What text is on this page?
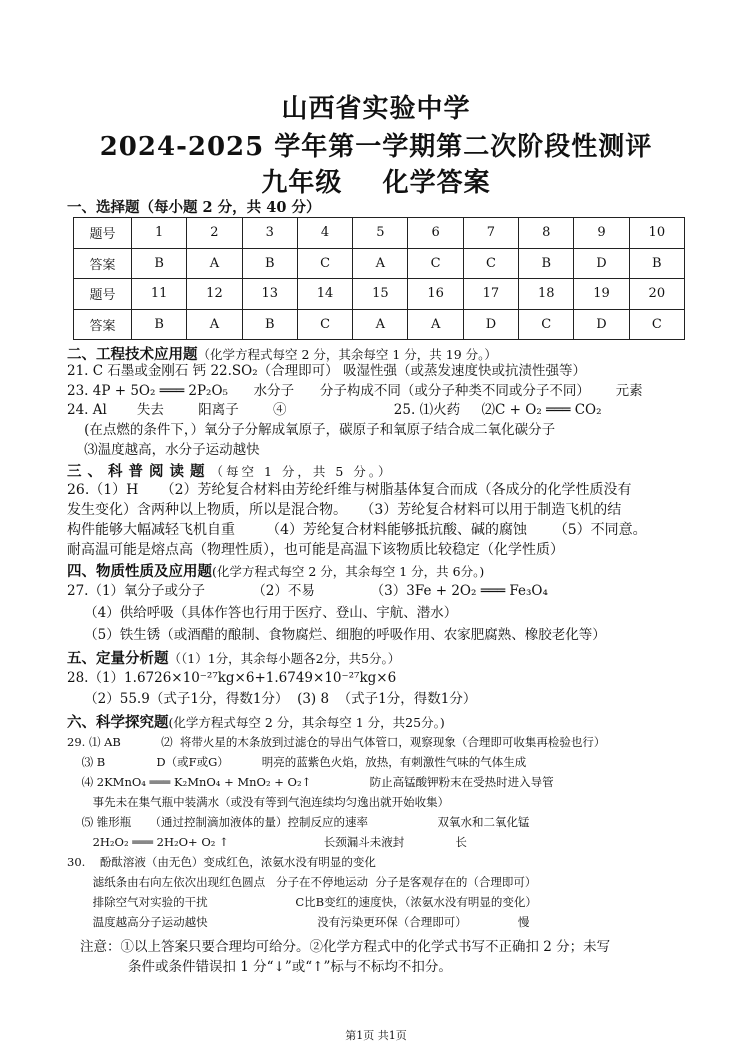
山西省实验中学
2024-2025 学年第一学期第二次阶段性测评
九年级    化学答案
一、选择题（每小题 2 分，共 40 分）
题号	1	2	3	4	5	6	7	8	9	10
答案	B	A	B	C	A	C	C	B	D	B
题号	11	12	13	14	15	16	17	18	19	20
答案	B	A	B	C	A	A	D	C	D	C
二、工程技术应用题（化学方程式每空 2 分，其余每空 1 分，共 19 分。）
21. C 石墨或金刚石 钙 22.SO₂（合理即可） 吸湿性强（或蒸发速度快或抗渍性强等）
23. 4P + 5O₂ ═══ 2P₂O₅      水分子      分子构成不同（或分子种类不同或分子不同）      元素
24. Al       失去        阳离子        ④                         25. ⑴火药     ⑵C + O₂ ═══ CO₂
(在点燃的条件下，）氧分子分解成氧原子，碳原子和氧原子结合成二氧化碳分子
⑶温度越高，水分子运动越快
三、科普阅读题（每空 1 分，共 5 分。）
26.（1）H     （2）芳纶复合材料由芳纶纤维与树脂基体复合而成（各成分的化学性质没有
发生变化）含两种以上物质，所以是混合物。   （3）芳纶复合材料可以用于制造飞机的结
构件能够大幅减轻飞机自重       （4）芳纶复合材料能够抵抗酸、碱的腐蚀      （5）不同意。
耐高温可能是熔点高（物理性质），也可能是高温下该物质比较稳定（化学性质）
四、物质性质及应用题(化学方程式每空 2 分，其余每空 1 分，共 6分。)
27.（1）氧分子或分子           （2）不易             （3）3Fe + 2O₂ ═══ Fe₃O₄
（4）供给呼吸（具体作答也行用于医疗、登山、宇航、潜水）
（5）铁生锈（或酒醋的酿制、食物腐烂、细胞的呼吸作用、农家肥腐熟、橡胶老化等）
五、定量分析题（（1）1分，其余每小题各2分，共5分。）
28.（1）1.6726×10⁻²⁷kg×6+1.6749×10⁻²⁷kg×6
（2）55.9（式子1分，得数1分）  (3) 8  （式子1分，得数1分）
六、科学探究题(化学方程式每空 2 分，其余每空 1 分，共25分。)
29. ⑴ AB           ⑵  将带火星的木条放到过滤仓的导出气体管口，观察现象（合理即可收集再检验也行）
⑶ B              D（或F或G）         明亮的蓝紫色火焰，放热，有刺激性气味的气体生成
⑷ 2KMnO₄ ═══ K₂MnO₄ + MnO₂ + O₂↑                防止高锰酸钾粉末在受热时进入导管
事先未在集气瓶中装满水（或没有等到气泡连续均匀逸出就开始收集）
⑸ 锥形瓶     （通过控制滴加液体的量）控制反应的速率                   双氧水和二氧化锰
2H₂O₂ ═══ 2H₂O+ O₂ ↑                          长颈漏斗未液封              长
30.    酚酞溶液（由无色）变成红色，浓氨水没有明显的变化
滤纸条由右向左依次出现红色圆点   分子在不停地运动  分子是客观存在的（合理即可）
排除空气对实验的干扰                        C比B变红的速度快，（浓氨水没有明显的变化）
温度越高分子运动越快                              没有污染更环保（合理即可）              慢
注意：①以上答案只要合理均可给分。②化学方程式中的化学式书写不正确扣 2 分；未写
条件或条件错误扣 1 分“↓”或“↑”标与不标均不扣分。
第1页 共1页
